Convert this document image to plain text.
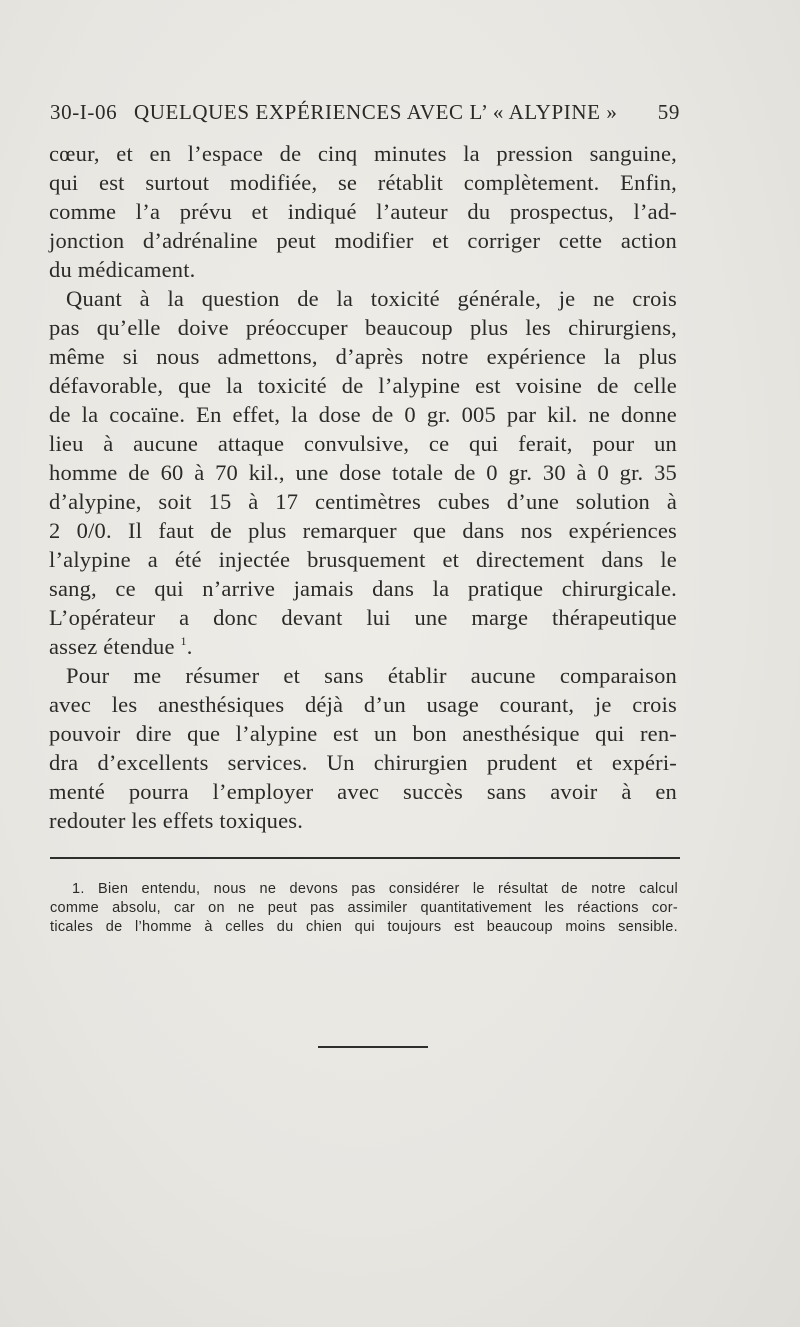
30-I-06 QUELQUES EXPÉRIENCES AVEC L’ « ALYPINE » 59
cœur, et en l’espace de cinq minutes la pression sanguine,
qui est surtout modifiée, se rétablit complètement. Enfin,
comme l’a prévu et indiqué l’auteur du prospectus, l’ad-
jonction d’adrénaline peut modifier et corriger cette action
du médicament.
Quant à la question de la toxicité générale, je ne crois
pas qu’elle doive préoccuper beaucoup plus les chirurgiens,
même si nous admettons, d’après notre expérience la plus
défavorable, que la toxicité de l’alypine est voisine de celle
de la cocaïne. En effet, la dose de 0 gr. 005 par kil. ne donne
lieu à aucune attaque convulsive, ce qui ferait, pour un
homme de 60 à 70 kil., une dose totale de 0 gr. 30 à 0 gr. 35
d’alypine, soit 15 à 17 centimètres cubes d’une solution à
2 0/0. Il faut de plus remarquer que dans nos expériences
l’alypine a été injectée brusquement et directement dans le
sang, ce qui n’arrive jamais dans la pratique chirurgicale.
L’opérateur a donc devant lui une marge thérapeutique
assez étendue $^1$.
Pour me résumer et sans établir aucune comparaison
avec les anesthésiques déjà d’un usage courant, je crois
pouvoir dire que l’alypine est un bon anesthésique qui ren-
dra d’excellents services. Un chirurgien prudent et expéri-
menté pourra l’employer avec succès sans avoir à en
redouter les effets toxiques.
1. Bien entendu, nous ne devons pas considérer le résultat de notre calcul
comme absolu, car on ne peut pas assimiler quantitativement les réactions cor-
ticales de l’homme à celles du chien qui toujours est beaucoup moins sensible.
